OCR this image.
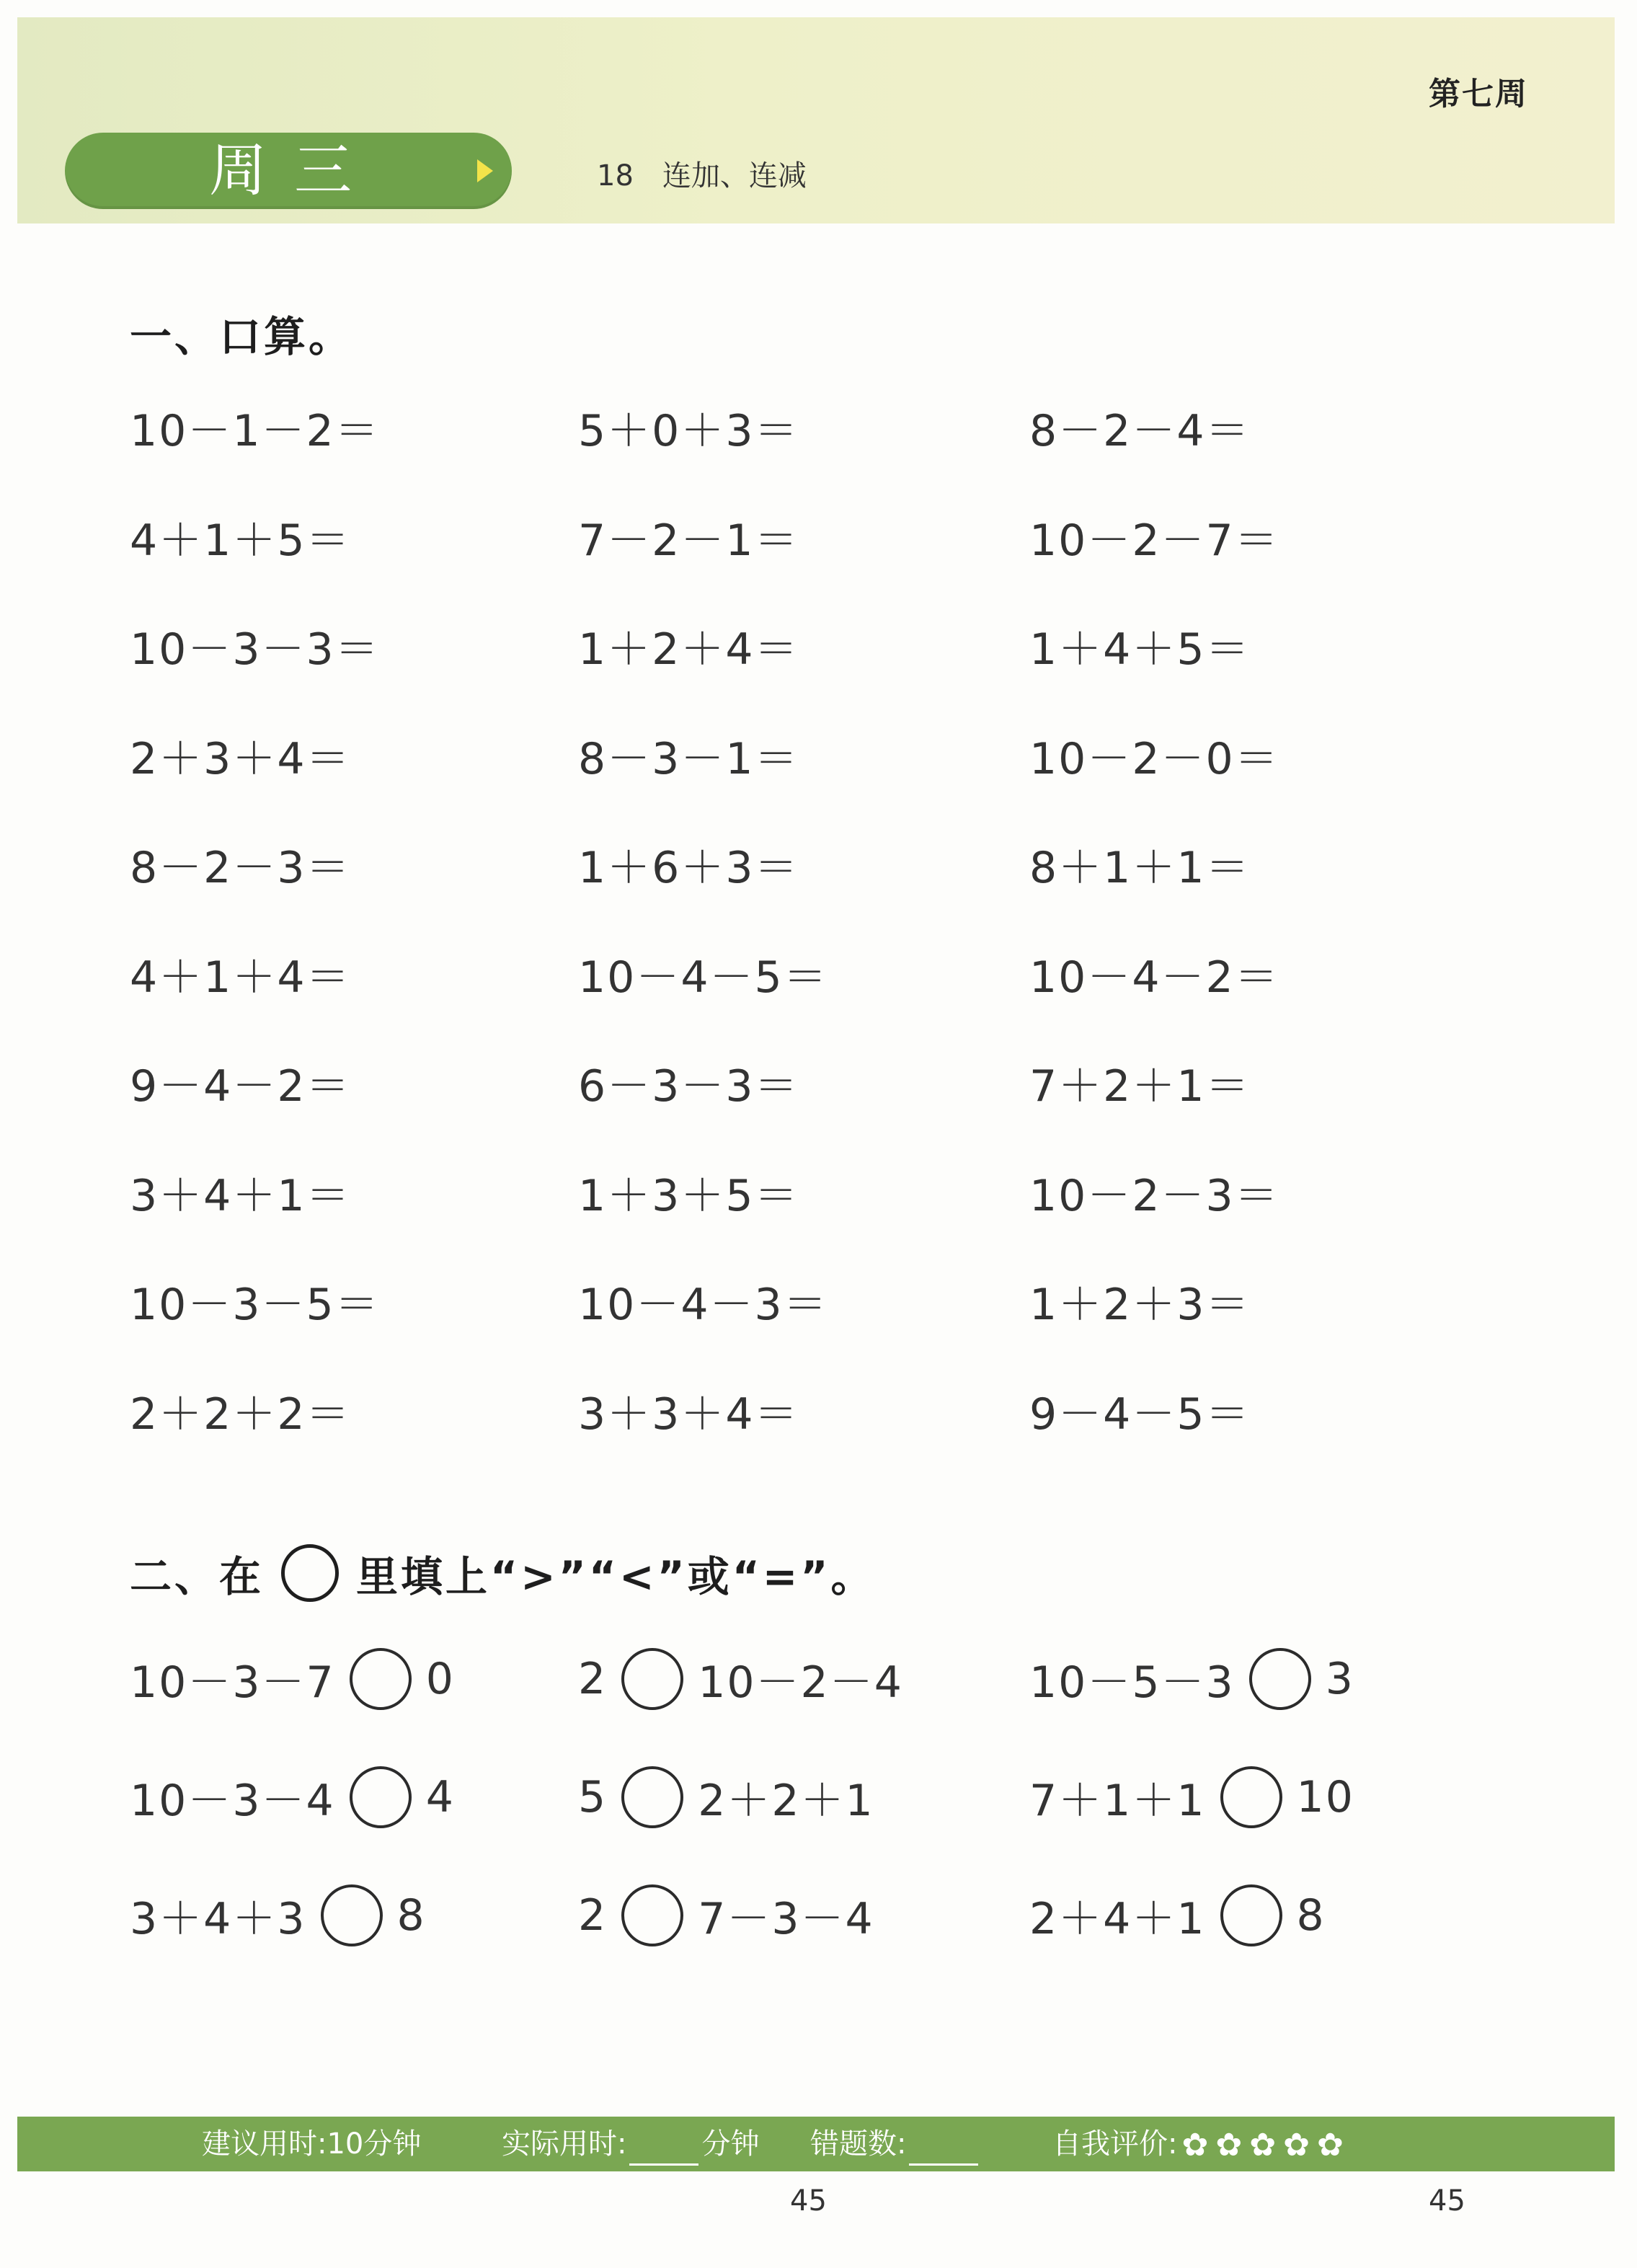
第七周
周三	18 连加、连减
一、口算。
10－1－2＝	5＋0＋3＝	8－2－4＝
4＋1＋5＝	7－2－1＝	10－2－7＝
10－3－3＝	1＋2＋4＝	1＋4＋5＝
2＋3＋4＝	8－3－1＝	10－2－0＝
8－2－3＝	1＋6＋3＝	8＋1＋1＝
4＋1＋4＝	10－4－5＝	10－4－2＝
9－4－2＝	6－3－3＝	7＋2＋1＝
3＋4＋1＝	1＋3＋5＝	10－2－3＝
10－3－5＝	10－4－3＝	1＋2＋3＝
2＋2＋2＝	3＋3＋4＝	9－4－5＝
二、在 里填上“>”“<”或“=”。
10－3－7 0	2 10－2－4	10－5－3 3
10－3－4 4	5 2＋2＋1	7＋1＋1 10
3＋4＋3 8	2 7－3－4	2＋4＋1 8
建议用时:10分钟	实际用时:	分钟 错题数:	自我评价: ✿ ✿ ✿ ✿ ✿
45	45
